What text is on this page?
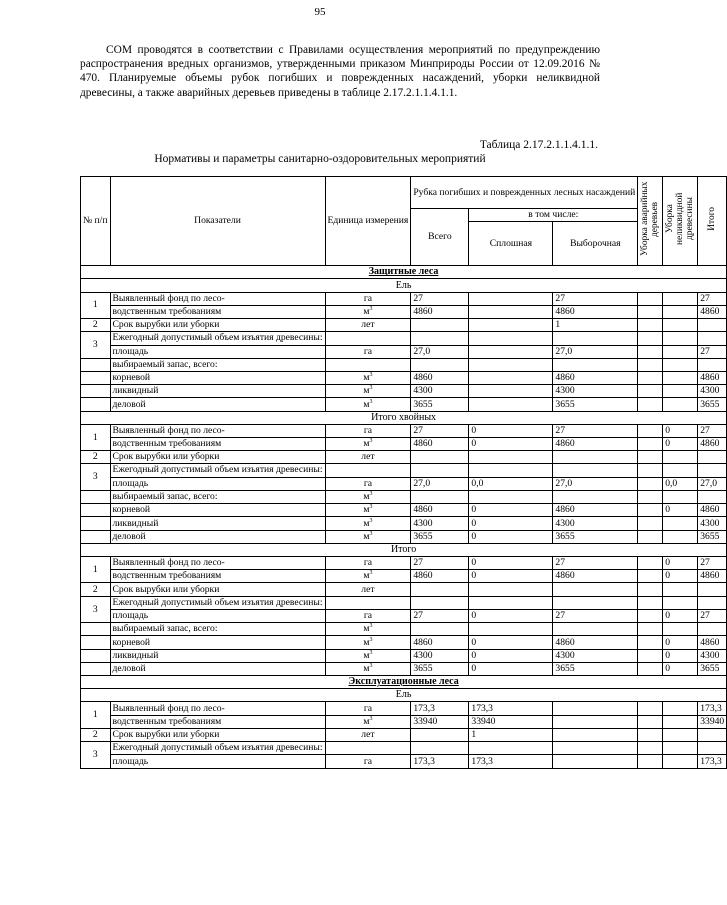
95
СОМ проводятся в соответствии с Правилами осуществления мероприятий по предупреждению распространения вредных организмов, утвержденными приказом Минприроды России от 12.09.2016 № 470. Планируемые объемы рубок погибших и поврежденных насаждений, уборки неликвидной древесины, а также аварийных деревьев приведены в таблице 2.17.2.1.1.4.1.1.
Таблица 2.17.2.1.1.4.1.1.
Нормативы и параметры санитарно-оздоровительных мероприятий
№ п/п	Показатели	Единица измерения	Рубка погибших и поврежденных лесных насаждений			Уборка аварийных деревьев	Уборка неликвидной древесины	Итого
			Всего	в том числе:				
				Сплошная	Выборочная			
Защитные леса								
Ель								
1	Выявленный фонд по лесо-	га	27		27			27
	водственным требованиям	$м^3$	4860		4860			4860
2	Срок вырубки или уборки	лет			1			
3	Ежегодный допустимый объем изъятия древесины:							
	площадь	га	27,0		27,0			27
	выбираемый запас, всего:							
	корневой	$м^3$	4860		4860			4860
	ликвидный	$м^3$	4300		4300			4300
	деловой	$м^3$	3655		3655			3655
Итого хвойных								
1	Выявленный фонд по лесо-	га	27	0	27		0	27
	водственным требованиям	$м^3$	4860	0	4860		0	4860
2	Срок вырубки или уборки	лет						
3	Ежегодный допустимый объем изъятия древесины:							
	площадь	га	27,0	0,0	27,0		0,0	27,0
	выбираемый запас, всего:	$м^3$						
	корневой	$м^3$	4860	0	4860		0	4860
	ликвидный	$м^3$	4300	0	4300			4300
	деловой	$м^3$	3655	0	3655			3655
Итого								
1	Выявленный фонд по лесо-	га	27	0	27		0	27
	водственным требованиям	$м^3$	4860	0	4860		0	4860
2	Срок вырубки или уборки	лет						
3	Ежегодный допустимый объем изъятия древесины:							
	площадь	га	27	0	27		0	27
	выбираемый запас, всего:	$м^3$						
	корневой	$м^3$	4860	0	4860		0	4860
	ликвидный	$м^3$	4300	0	4300		0	4300
	деловой	$м^3$	3655	0	3655		0	3655
Эксплуатационные леса								
Ель								
1	Выявленный фонд по лесо-	га	173,3	173,3				173,3
	водственным требованиям	$м^3$	33940	33940				33940
2	Срок вырубки или уборки	лет		1				
3	Ежегодный допустимый объем изъятия древесины:							
	площадь	га	173,3	173,3				173,3
